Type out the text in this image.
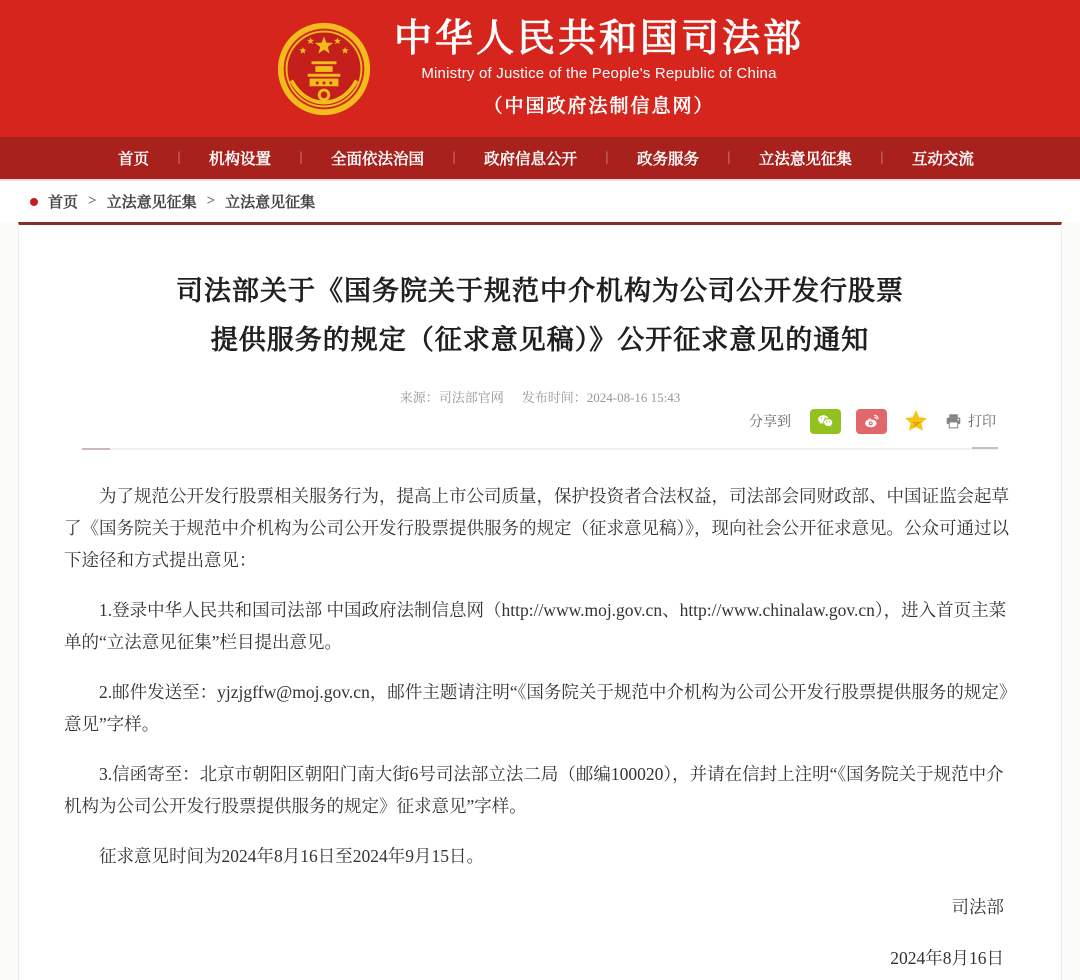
中华人民共和国司法部
Ministry of Justice of the People's Republic of China
（中国政府法制信息网）
首页 | 机构设置 | 全面依法治国 | 政府信息公开 | 政务服务 | 立法意见征集 | 互动交流
首页 > 立法意见征集 > 立法意见征集
司法部关于《国务院关于规范中介机构为公司公开发行股票
提供服务的规定（征求意见稿）》公开征求意见的通知
来源：司法部官网 发布时间：2024-08-16 15:43
分享到	打印

为了规范公开发行股票相关服务行为，提高上市公司质量，保护投资者合法权益，司法部会同财政部、中国证监会起草了《国务院关于规范中介机构为公司公开发行股票提供服务的规定（征求意见稿）》，现向社会公开征求意见。公众可通过以下途径和方式提出意见：

1.登录中华人民共和国司法部 中国政府法制信息网（http://www.moj.gov.cn、http://www.chinalaw.gov.cn），进入首页主菜单的“立法意见征集”栏目提出意见。

2.邮件发送至：yjzjgffw@moj.gov.cn，邮件主题请注明“《国务院关于规范中介机构为公司公开发行股票提供服务的规定》意见”字样。

3.信函寄至：北京市朝阳区朝阳门南大街6号司法部立法二局（邮编100020），并请在信封上注明“《国务院关于规范中介机构为公司公开发行股票提供服务的规定》征求意见”字样。

征求意见时间为2024年8月16日至2024年9月15日。

司法部
2024年8月16日
